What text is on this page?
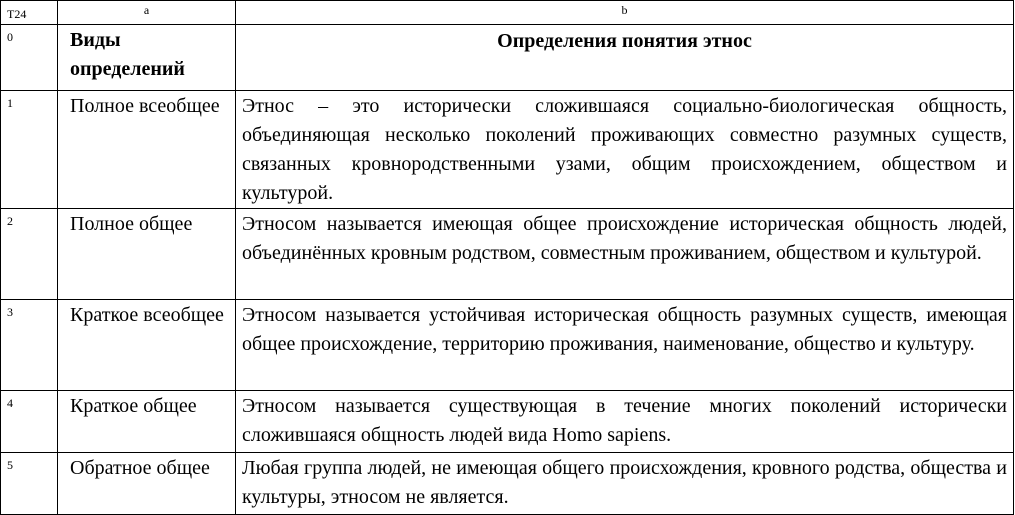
T24	a	b
0	Виды определений	Определения понятия этнос
1	Полное всеобщее	Этнос – это исторически сложившаяся социально-биологическая общность, объединяющая несколько поколений проживающих совместно разумных существ, связанных кровнородственными узами, общим происхождением, обществом и культурой.
2	Полное общее	Этносом называется имеющая общее происхождение историческая общность людей, объединённых кровным родством, совместным проживанием, обществом и культурой.
3	Краткое всеобщее	Этносом называется устойчивая историческая общность разумных существ, имеющая общее происхождение, территорию проживания, наименование, общество и культуру.
4	Краткое общее	Этносом называется существующая в течение многих поколений исторически сложившаяся общность людей вида Homo sapiens.
5	Обратное общее	Любая группа людей, не имеющая общего происхождения, кровного родства, общества и культуры, этносом не является.
